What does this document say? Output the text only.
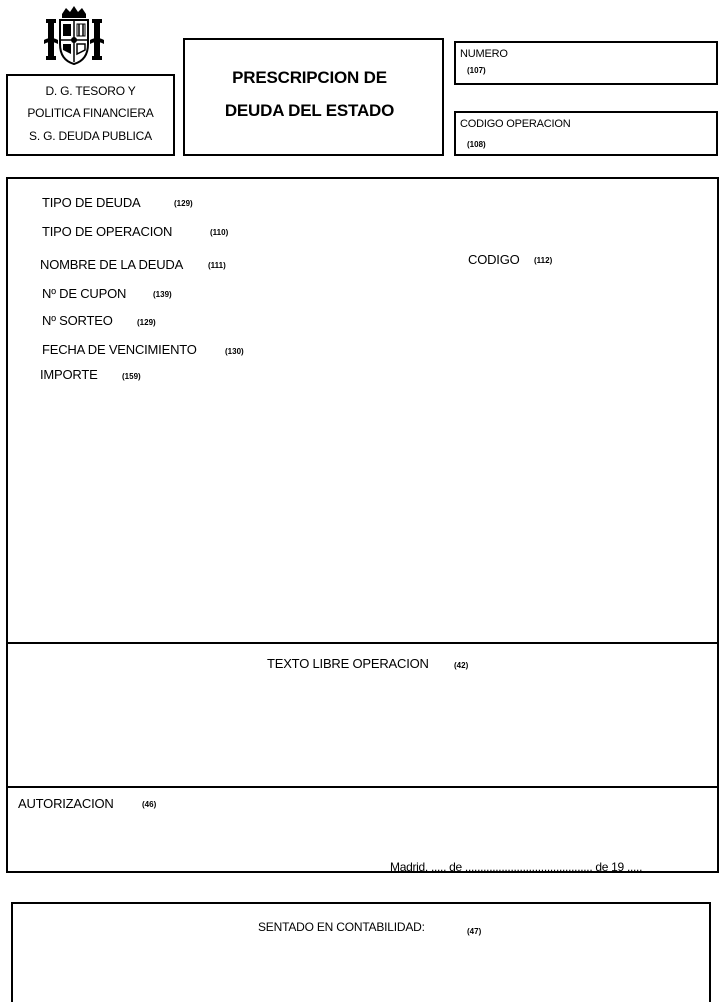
D. G. TESORO Y
POLITICA FINANCIERA
S. G. DEUDA PUBLICA
PRESCRIPCION DE
DEUDA DEL ESTADO
NUMERO
(107)
CODIGO OPERACION
(108)
TIPO DE DEUDA	(129)
TIPO DE OPERACION	(110)
NOMBRE DE LA DEUDA	(111)
Nº DE CUPON	(139)
Nº SORTEO	(129)
FECHA DE VENCIMIENTO	(130)
IMPORTE	(159)
CODIGO (112)
TEXTO LIBRE OPERACION	(42)
AUTORIZACION	(46)
Madrid, ..... de .......................................... de 19 .....
SENTADO EN CONTABILIDAD:	(47)
